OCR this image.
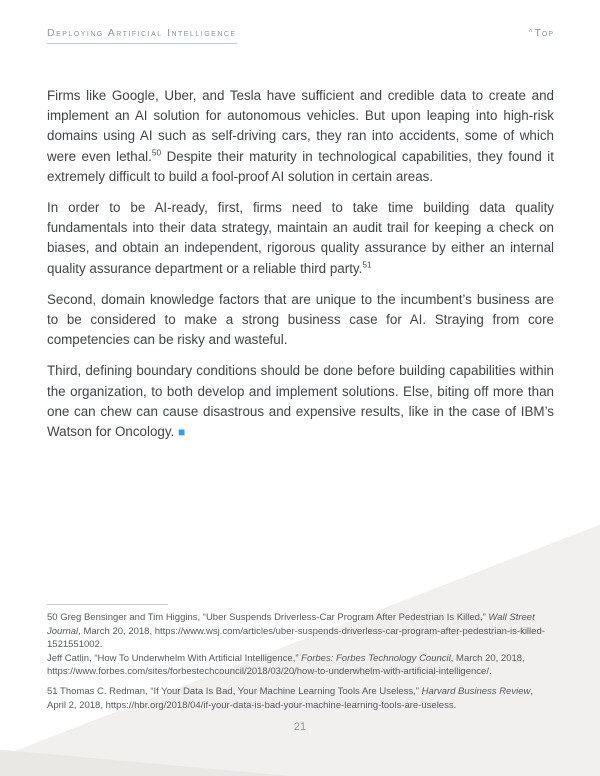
Deploying Artificial Intelligence	^ Top

Firms like Google, Uber, and Tesla have sufficient and credible data to create and implement an AI solution for autonomous vehicles. But upon leaping into high-risk domains using AI such as self-driving cars, they ran into accidents, some of which were even lethal.$^{50}$ Despite their maturity in technological capabilities, they found it extremely difficult to build a fool-proof AI solution in certain areas.

In order to be AI-ready, first, firms need to take time building data quality fundamentals into their data strategy, maintain an audit trail for keeping a check on biases, and obtain an independent, rigorous quality assurance by either an internal quality assurance department or a reliable third party.$^{51}$

Second, domain knowledge factors that are unique to the incumbent’s business are to be considered to make a strong business case for AI. Straying from core competencies can be risky and wasteful.

Third, defining boundary conditions should be done before building capabilities within the organization, to both develop and implement solutions. Else, biting off more than one can chew can cause disastrous and expensive results, like in the case of IBM’s Watson for Oncology. ■

50 Greg Bensinger and Tim Higgins, “Uber Suspends Driverless-Car Program After Pedestrian Is Killed,” Wall Street Journal, March 20, 2018, https://www.wsj.com/articles/uber-suspends-driverless-car-program-after-pedestrian-is-killed-1521551002.

Jeff Catlin, “How To Underwhelm With Artificial Intelligence,” Forbes: Forbes Technology Council, March 20, 2018, https://www.forbes.com/sites/forbestechcouncil/2018/03/20/how-to-underwhelm-with-artificial-intelligence/.

51 Thomas C. Redman, “If Your Data Is Bad, Your Machine Learning Tools Are Useless,” Harvard Business Review, April 2, 2018, https://hbr.org/2018/04/if-your-data-is-bad-your-machine-learning-tools-are-useless.

21
